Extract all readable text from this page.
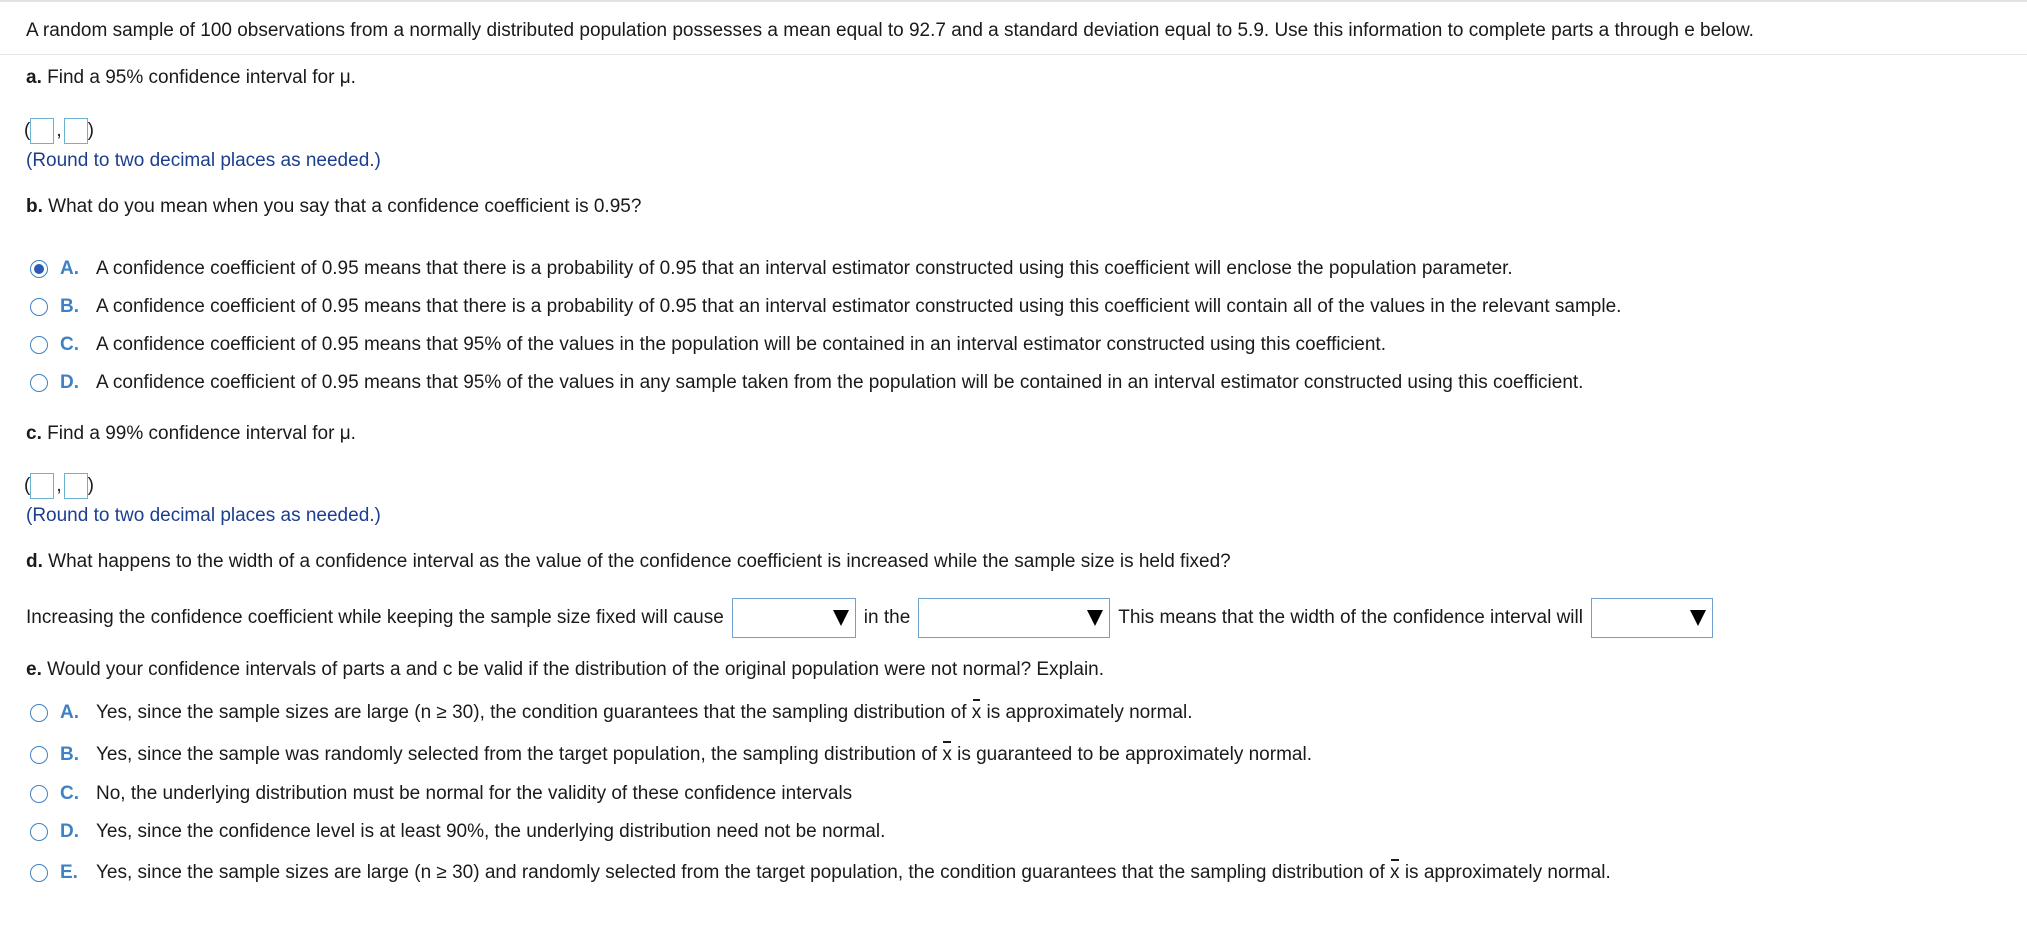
A random sample of 100 observations from a normally distributed population possesses a mean equal to 92.7 and a standard deviation equal to 5.9. Use this information to complete parts a through e below.
a. Find a 95% confidence interval for μ.
( , )
(Round to two decimal places as needed.)
b. What do you mean when you say that a confidence coefficient is 0.95?
A. A confidence coefficient of 0.95 means that there is a probability of 0.95 that an interval estimator constructed using this coefficient will enclose the population parameter.
B. A confidence coefficient of 0.95 means that there is a probability of 0.95 that an interval estimator constructed using this coefficient will contain all of the values in the relevant sample.
C. A confidence coefficient of 0.95 means that 95% of the values in the population will be contained in an interval estimator constructed using this coefficient.
D. A confidence coefficient of 0.95 means that 95% of the values in any sample taken from the population will be contained in an interval estimator constructed using this coefficient.
c. Find a 99% confidence interval for μ.
( , )
(Round to two decimal places as needed.)
d. What happens to the width of a confidence interval as the value of the confidence coefficient is increased while the sample size is held fixed?
Increasing the confidence coefficient while keeping the sample size fixed will cause	in the	This means that the width of the confidence interval will
e. Would your confidence intervals of parts a and c be valid if the distribution of the original population were not normal? Explain.
A. Yes, since the sample sizes are large (n ≥ 30), the condition guarantees that the sampling distribution of x is approximately normal.
B. Yes, since the sample was randomly selected from the target population, the sampling distribution of x is guaranteed to be approximately normal.
C. No, the underlying distribution must be normal for the validity of these confidence intervals
D. Yes, since the confidence level is at least 90%, the underlying distribution need not be normal.
E. Yes, since the sample sizes are large (n ≥ 30) and randomly selected from the target population, the condition guarantees that the sampling distribution of x is approximately normal.
